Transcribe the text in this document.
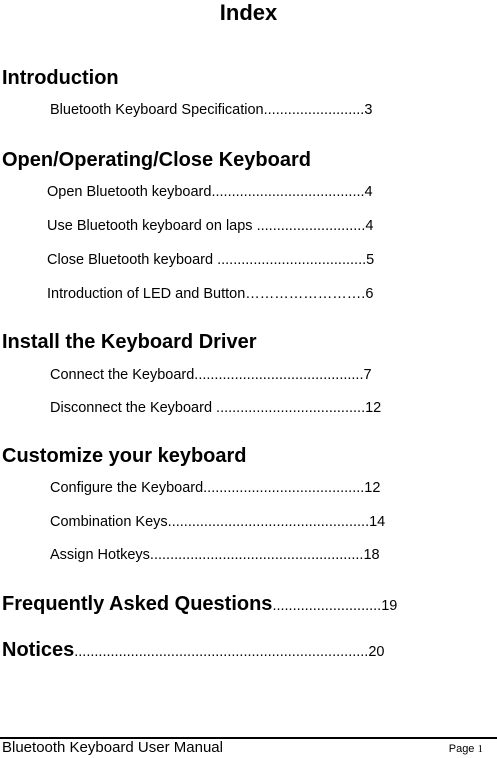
Index
Introduction
Bluetooth Keyboard Specification.........................3
Open/Operating/Close Keyboard
Open Bluetooth keyboard......................................4
Use Bluetooth keyboard on laps ...........................4
Close Bluetooth keyboard .....................................5
Introduction of LED and Button…………………….6
Install the Keyboard Driver
Connect the Keyboard..........................................7
Disconnect the Keyboard .....................................12
Customize your keyboard
Configure the Keyboard........................................12
Combination Keys..................................................14
Assign Hotkeys.....................................................18
Frequently Asked Questions...........................19
Notices.........................................................................20
Bluetooth Keyboard User Manual	Page 1
